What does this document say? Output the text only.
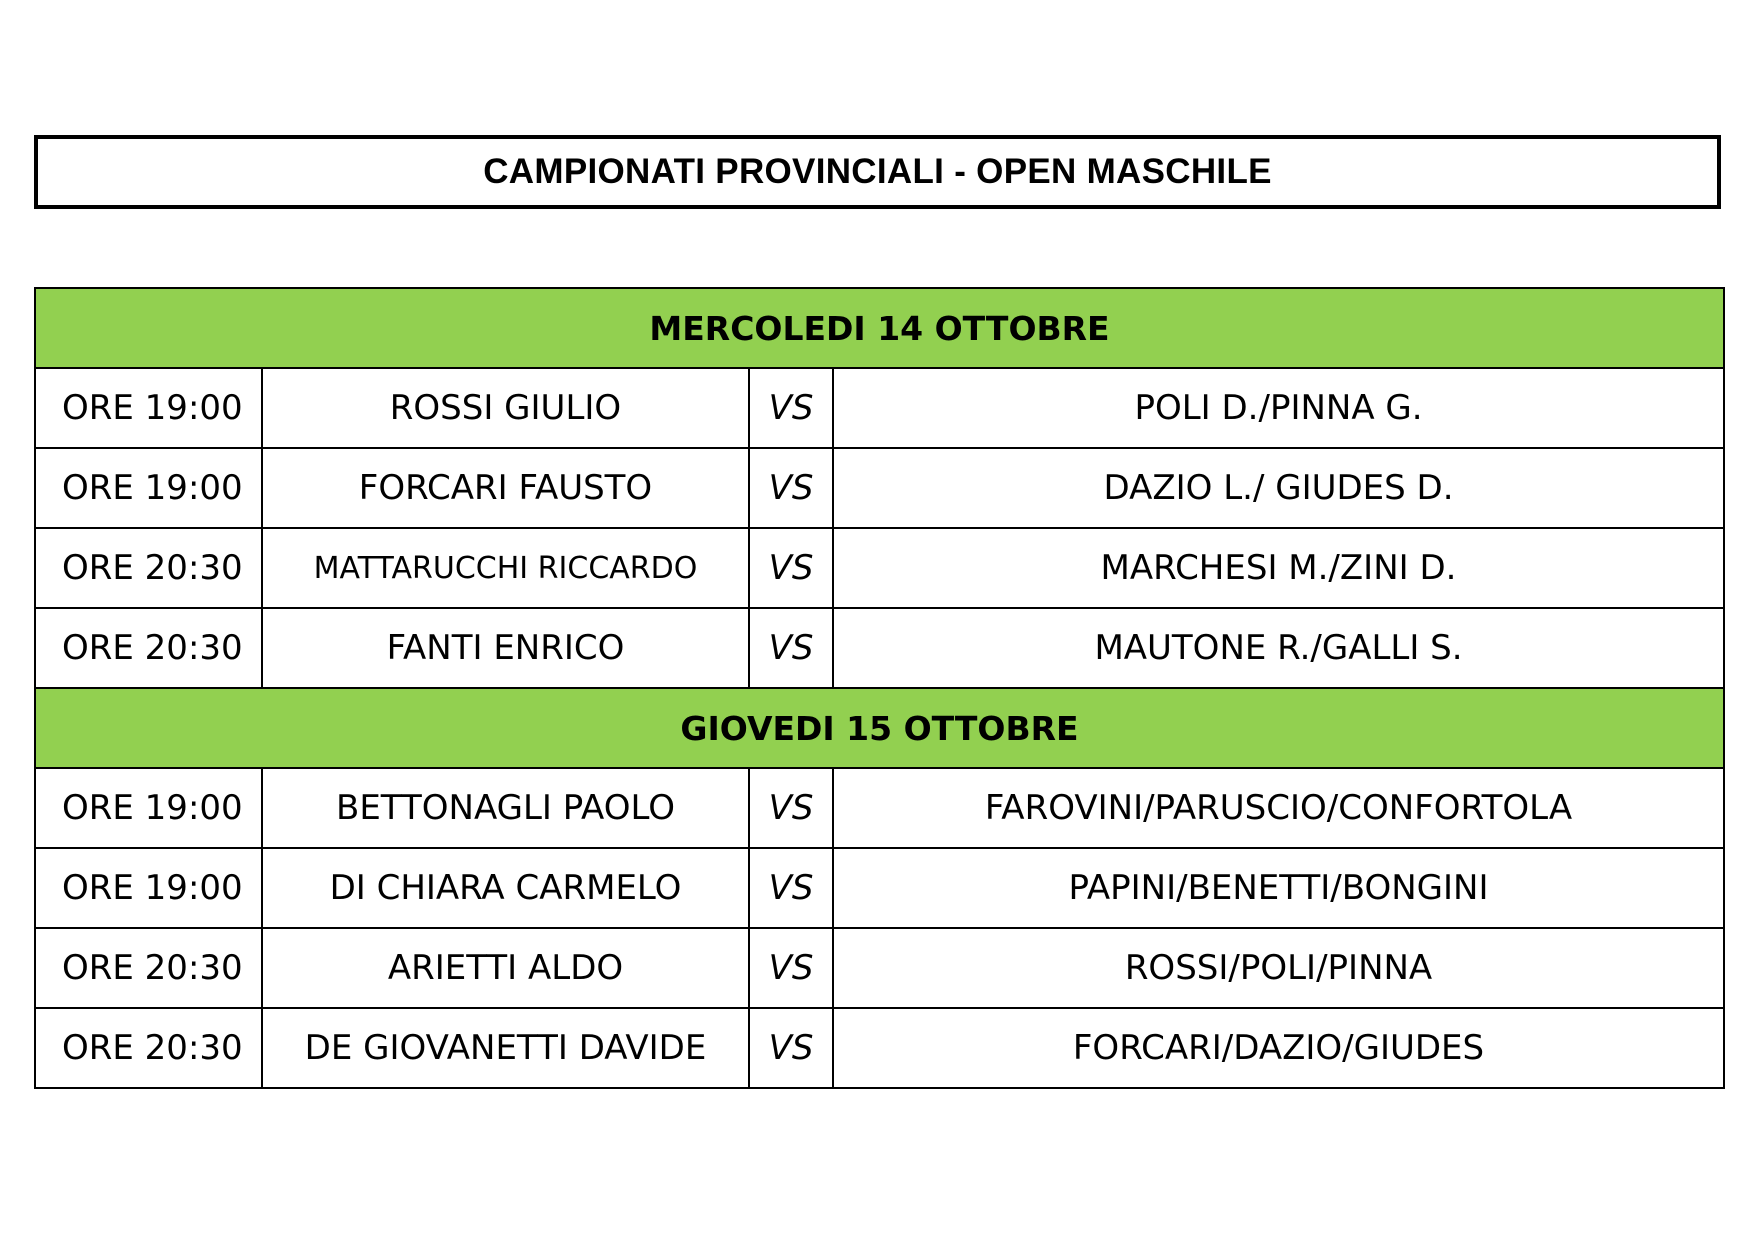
CAMPIONATI PROVINCIALI - OPEN MASCHILE
MERCOLEDI 14 OTTOBRE			
ORE 19:00	ROSSI GIULIO	VS	POLI D./PINNA G.
ORE 19:00	FORCARI FAUSTO	VS	DAZIO L./ GIUDES D.
ORE 20:30	MATTARUCCHI RICCARDO	VS	MARCHESI M./ZINI D.
ORE 20:30	FANTI ENRICO	VS	MAUTONE R./GALLI S.
GIOVEDI 15 OTTOBRE			
ORE 19:00	BETTONAGLI PAOLO	VS	FAROVINI/PARUSCIO/CONFORTOLA
ORE 19:00	DI CHIARA CARMELO	VS	PAPINI/BENETTI/BONGINI
ORE 20:30	ARIETTI ALDO	VS	ROSSI/POLI/PINNA
ORE 20:30	DE GIOVANETTI DAVIDE	VS	FORCARI/DAZIO/GIUDES
